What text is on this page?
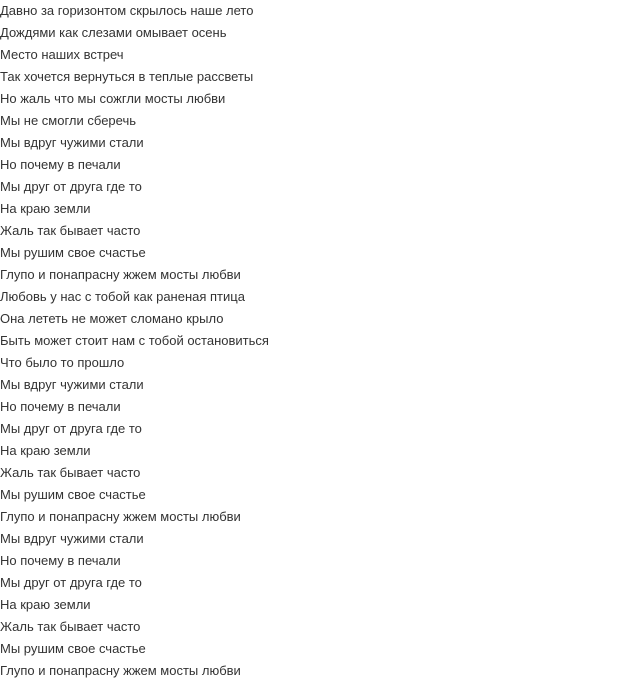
Давно за горизонтом скрылось наше лето
Дождями как слезами омывает осень
Место наших встреч
Так хочется вернуться в теплые рассветы
Но жаль что мы сожгли мосты любви
Мы не смогли сберечь
Мы вдруг чужими стали
Но почему в печали
Мы друг от друга где то
На краю земли
Жаль так бывает часто
Мы рушим свое счастье
Глупо и понапрасну жжем мосты любви
Любовь у нас с тобой как раненая птица
Она лететь не может сломано крыло
Быть может стоит нам с тобой остановиться
Что было то прошло
Мы вдруг чужими стали
Но почему в печали
Мы друг от друга где то
На краю земли
Жаль так бывает часто
Мы рушим свое счастье
Глупо и понапрасну жжем мосты любви
Мы вдруг чужими стали
Но почему в печали
Мы друг от друга где то
На краю земли
Жаль так бывает часто
Мы рушим свое счастье
Глупо и понапрасну жжем мосты любви
